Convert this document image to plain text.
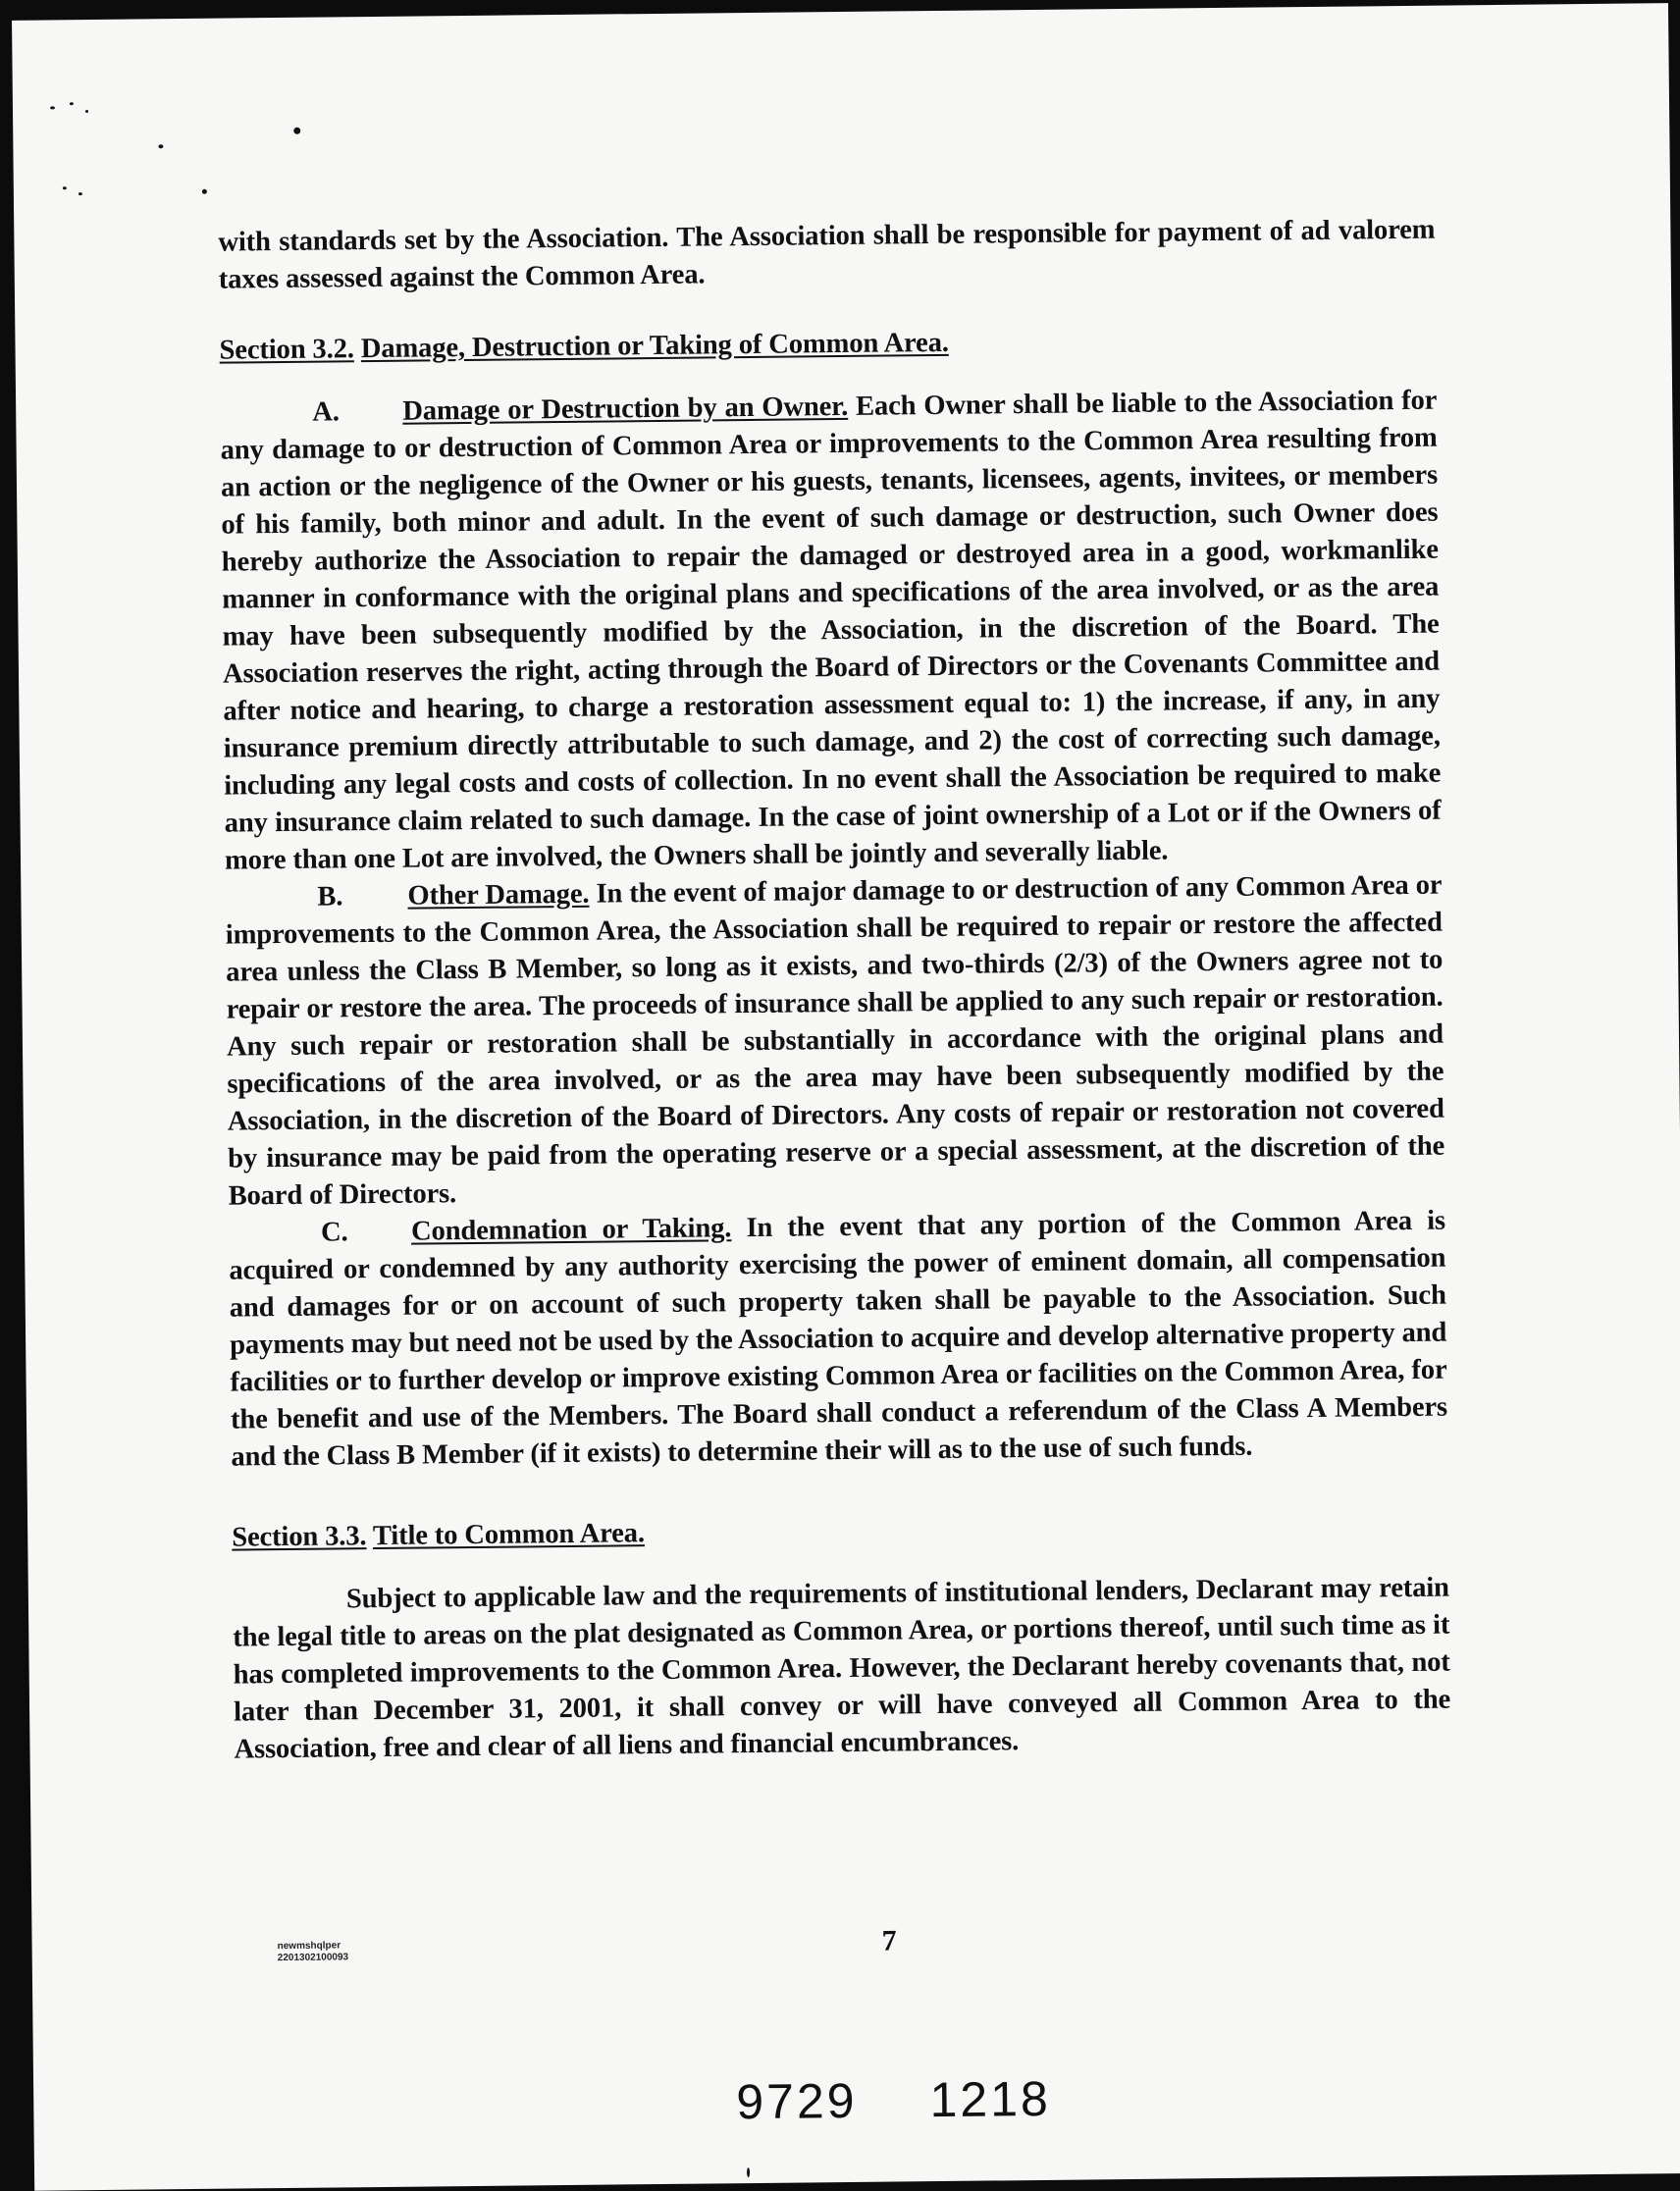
with standards set by the Association. The Association shall be responsible for payment of ad valorem taxes assessed against the Common Area.

Section 3.2. Damage, Destruction or Taking of Common Area.

A. Damage or Destruction by an Owner. Each Owner shall be liable to the Association for any damage to or destruction of Common Area or improvements to the Common Area resulting from an action or the negligence of the Owner or his guests, tenants, licensees, agents, invitees, or members of his family, both minor and adult. In the event of such damage or destruction, such Owner does hereby authorize the Association to repair the damaged or destroyed area in a good, workmanlike manner in conformance with the original plans and specifications of the area involved, or as the area may have been subsequently modified by the Association, in the discretion of the Board. The Association reserves the right, acting through the Board of Directors or the Covenants Committee and after notice and hearing, to charge a restoration assessment equal to: 1) the increase, if any, in any insurance premium directly attributable to such damage, and 2) the cost of correcting such damage, including any legal costs and costs of collection. In no event shall the Association be required to make any insurance claim related to such damage. In the case of joint ownership of a Lot or if the Owners of more than one Lot are involved, the Owners shall be jointly and severally liable.

B. Other Damage. In the event of major damage to or destruction of any Common Area or improvements to the Common Area, the Association shall be required to repair or restore the affected area unless the Class B Member, so long as it exists, and two-thirds (2/3) of the Owners agree not to repair or restore the area. The proceeds of insurance shall be applied to any such repair or restoration. Any such repair or restoration shall be substantially in accordance with the original plans and specifications of the area involved, or as the area may have been subsequently modified by the Association, in the discretion of the Board of Directors. Any costs of repair or restoration not covered by insurance may be paid from the operating reserve or a special assessment, at the discretion of the Board of Directors.

C. Condemnation or Taking. In the event that any portion of the Common Area is acquired or condemned by any authority exercising the power of eminent domain, all compensation and damages for or on account of such property taken shall be payable to the Association. Such payments may but need not be used by the Association to acquire and develop alternative property and facilities or to further develop or improve existing Common Area or facilities on the Common Area, for the benefit and use of the Members. The Board shall conduct a referendum of the Class A Members and the Class B Member (if it exists) to determine their will as to the use of such funds.

Section 3.3. Title to Common Area.

Subject to applicable law and the requirements of institutional lenders, Declarant may retain the legal title to areas on the plat designated as Common Area, or portions thereof, until such time as it has completed improvements to the Common Area. However, the Declarant hereby covenants that, not later than December 31, 2001, it shall convey or will have conveyed all Common Area to the Association, free and clear of all liens and financial encumbrances.

newmshqlper
2201302100093
7
9729 1218
